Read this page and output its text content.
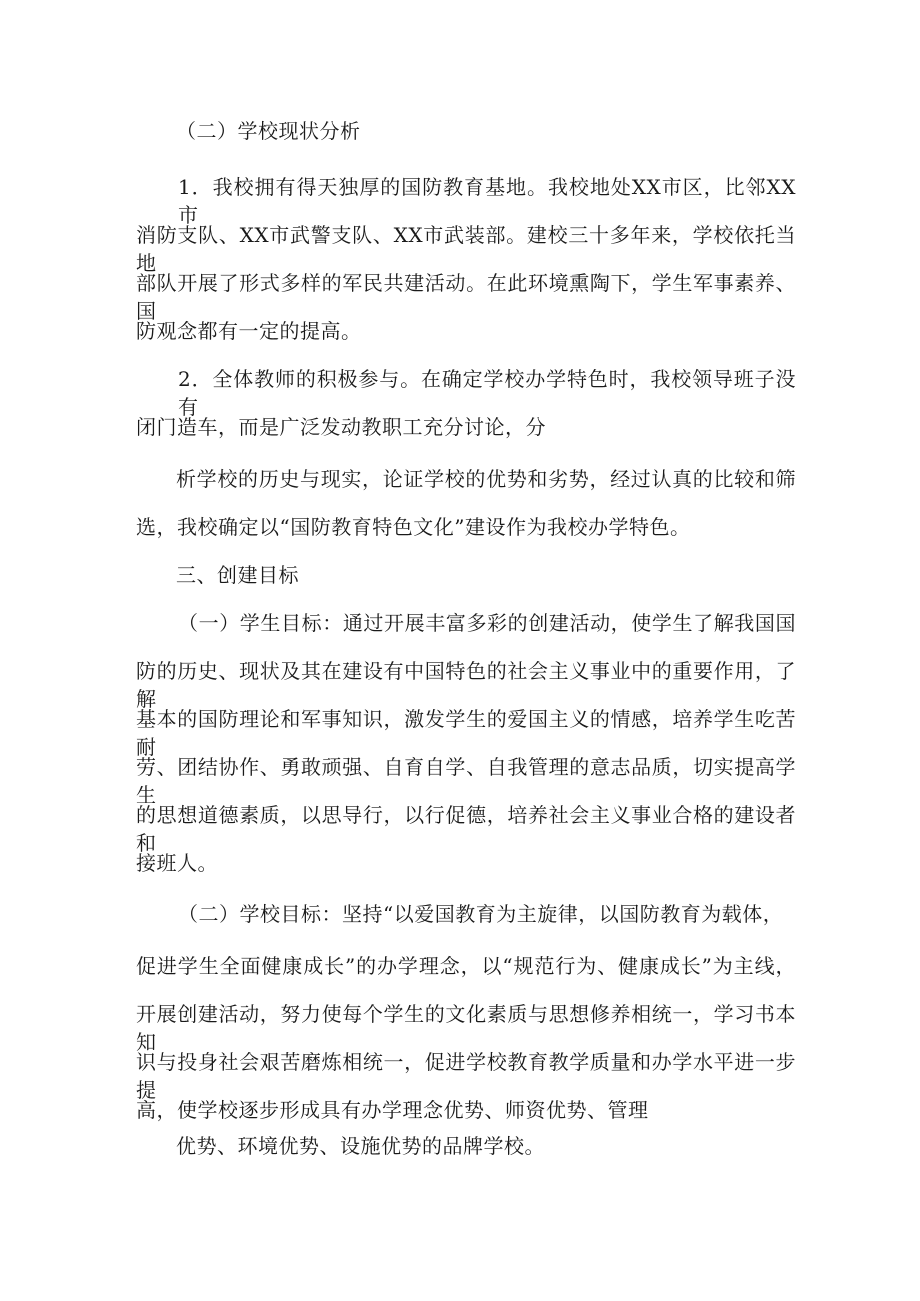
（二）学校现状分析
1．我校拥有得天独厚的国防教育基地。我校地处XX市区，比邻XX市
消防支队、XX市武警支队、XX市武装部。建校三十多年来，学校依托当地
部队开展了形式多样的军民共建活动。在此环境熏陶下，学生军事素养、国
防观念都有一定的提高。
2．全体教师的积极参与。在确定学校办学特色时，我校领导班子没有
闭门造车，而是广泛发动教职工充分讨论，分
析学校的历史与现实，论证学校的优势和劣势，经过认真的比较和筛
选，我校确定以“国防教育特色文化”建设作为我校办学特色。
三、创建目标
（一）学生目标：通过开展丰富多彩的创建活动，使学生了解我国国
防的历史、现状及其在建设有中国特色的社会主义事业中的重要作用，了解
基本的国防理论和军事知识，激发学生的爱国主义的情感，培养学生吃苦耐
劳、团结协作、勇敢顽强、自育自学、自我管理的意志品质，切实提高学生
的思想道德素质，以思导行，以行促德，培养社会主义事业合格的建设者和
接班人。
（二）学校目标：坚持“以爱国教育为主旋律，以国防教育为载体，
促进学生全面健康成长”的办学理念，以“规范行为、健康成长”为主线，
开展创建活动，努力使每个学生的文化素质与思想修养相统一，学习书本知
识与投身社会艰苦磨炼相统一，促进学校教育教学质量和办学水平进一步提
高，使学校逐步形成具有办学理念优势、师资优势、管理
优势、环境优势、设施优势的品牌学校。
